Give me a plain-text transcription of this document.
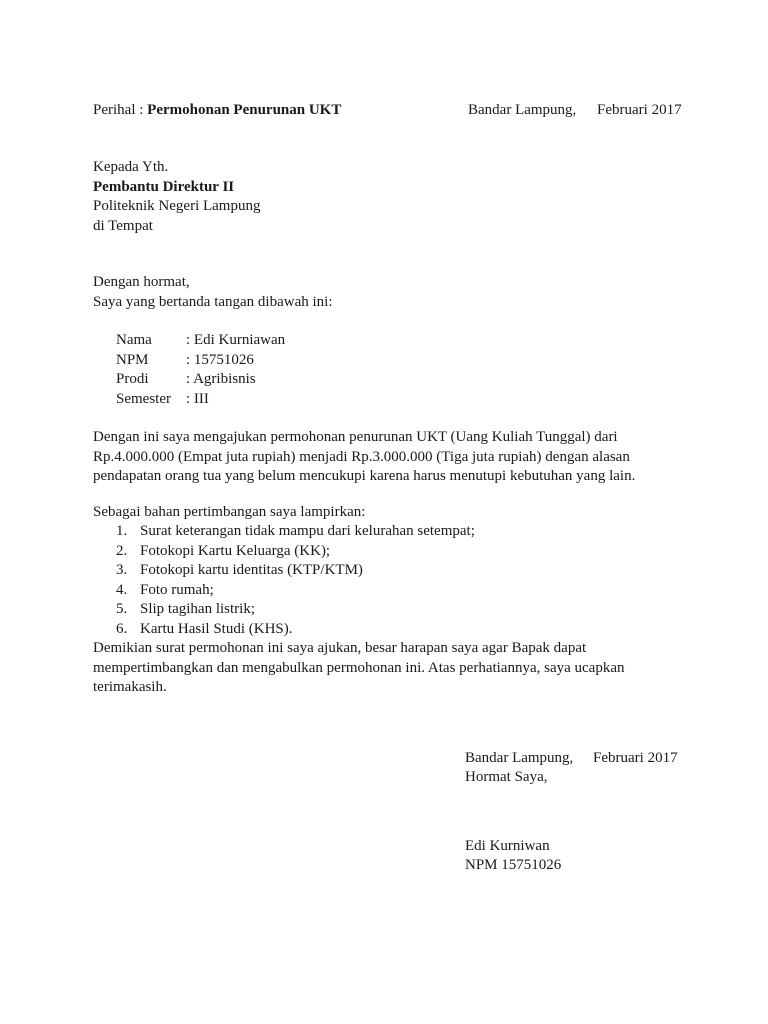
Perihal : Permohonan Penurunan UKT	Bandar Lampung, Februari 2017
Kepada Yth.
Pembantu Direktur II
Politeknik Negeri Lampung
di Tempat
Dengan hormat,
Saya yang bertanda tangan dibawah ini:
Nama	: Edi Kurniawan
NPM	: 15751026
Prodi	: Agribisnis
Semester	: III
Dengan ini saya mengajukan permohonan penurunan UKT (Uang Kuliah Tunggal) dari
Rp.4.000.000 (Empat juta rupiah) menjadi Rp.3.000.000 (Tiga juta rupiah) dengan alasan
pendapatan orang tua yang belum mencukupi karena harus menutupi kebutuhan yang lain.
Sebagai bahan pertimbangan saya lampirkan:
1. Surat keterangan tidak mampu dari kelurahan setempat;
2. Fotokopi Kartu Keluarga (KK);
3. Fotokopi kartu identitas (KTP/KTM)
4. Foto rumah;
5. Slip tagihan listrik;
6. Kartu Hasil Studi (KHS).
Demikian surat permohonan ini saya ajukan, besar harapan saya agar Bapak dapat
mempertimbangkan dan mengabulkan permohonan ini. Atas perhatiannya, saya ucapkan
terimakasih.
Bandar Lampung, Februari 2017
Hormat Saya,
Edi Kurniwan
NPM 15751026
